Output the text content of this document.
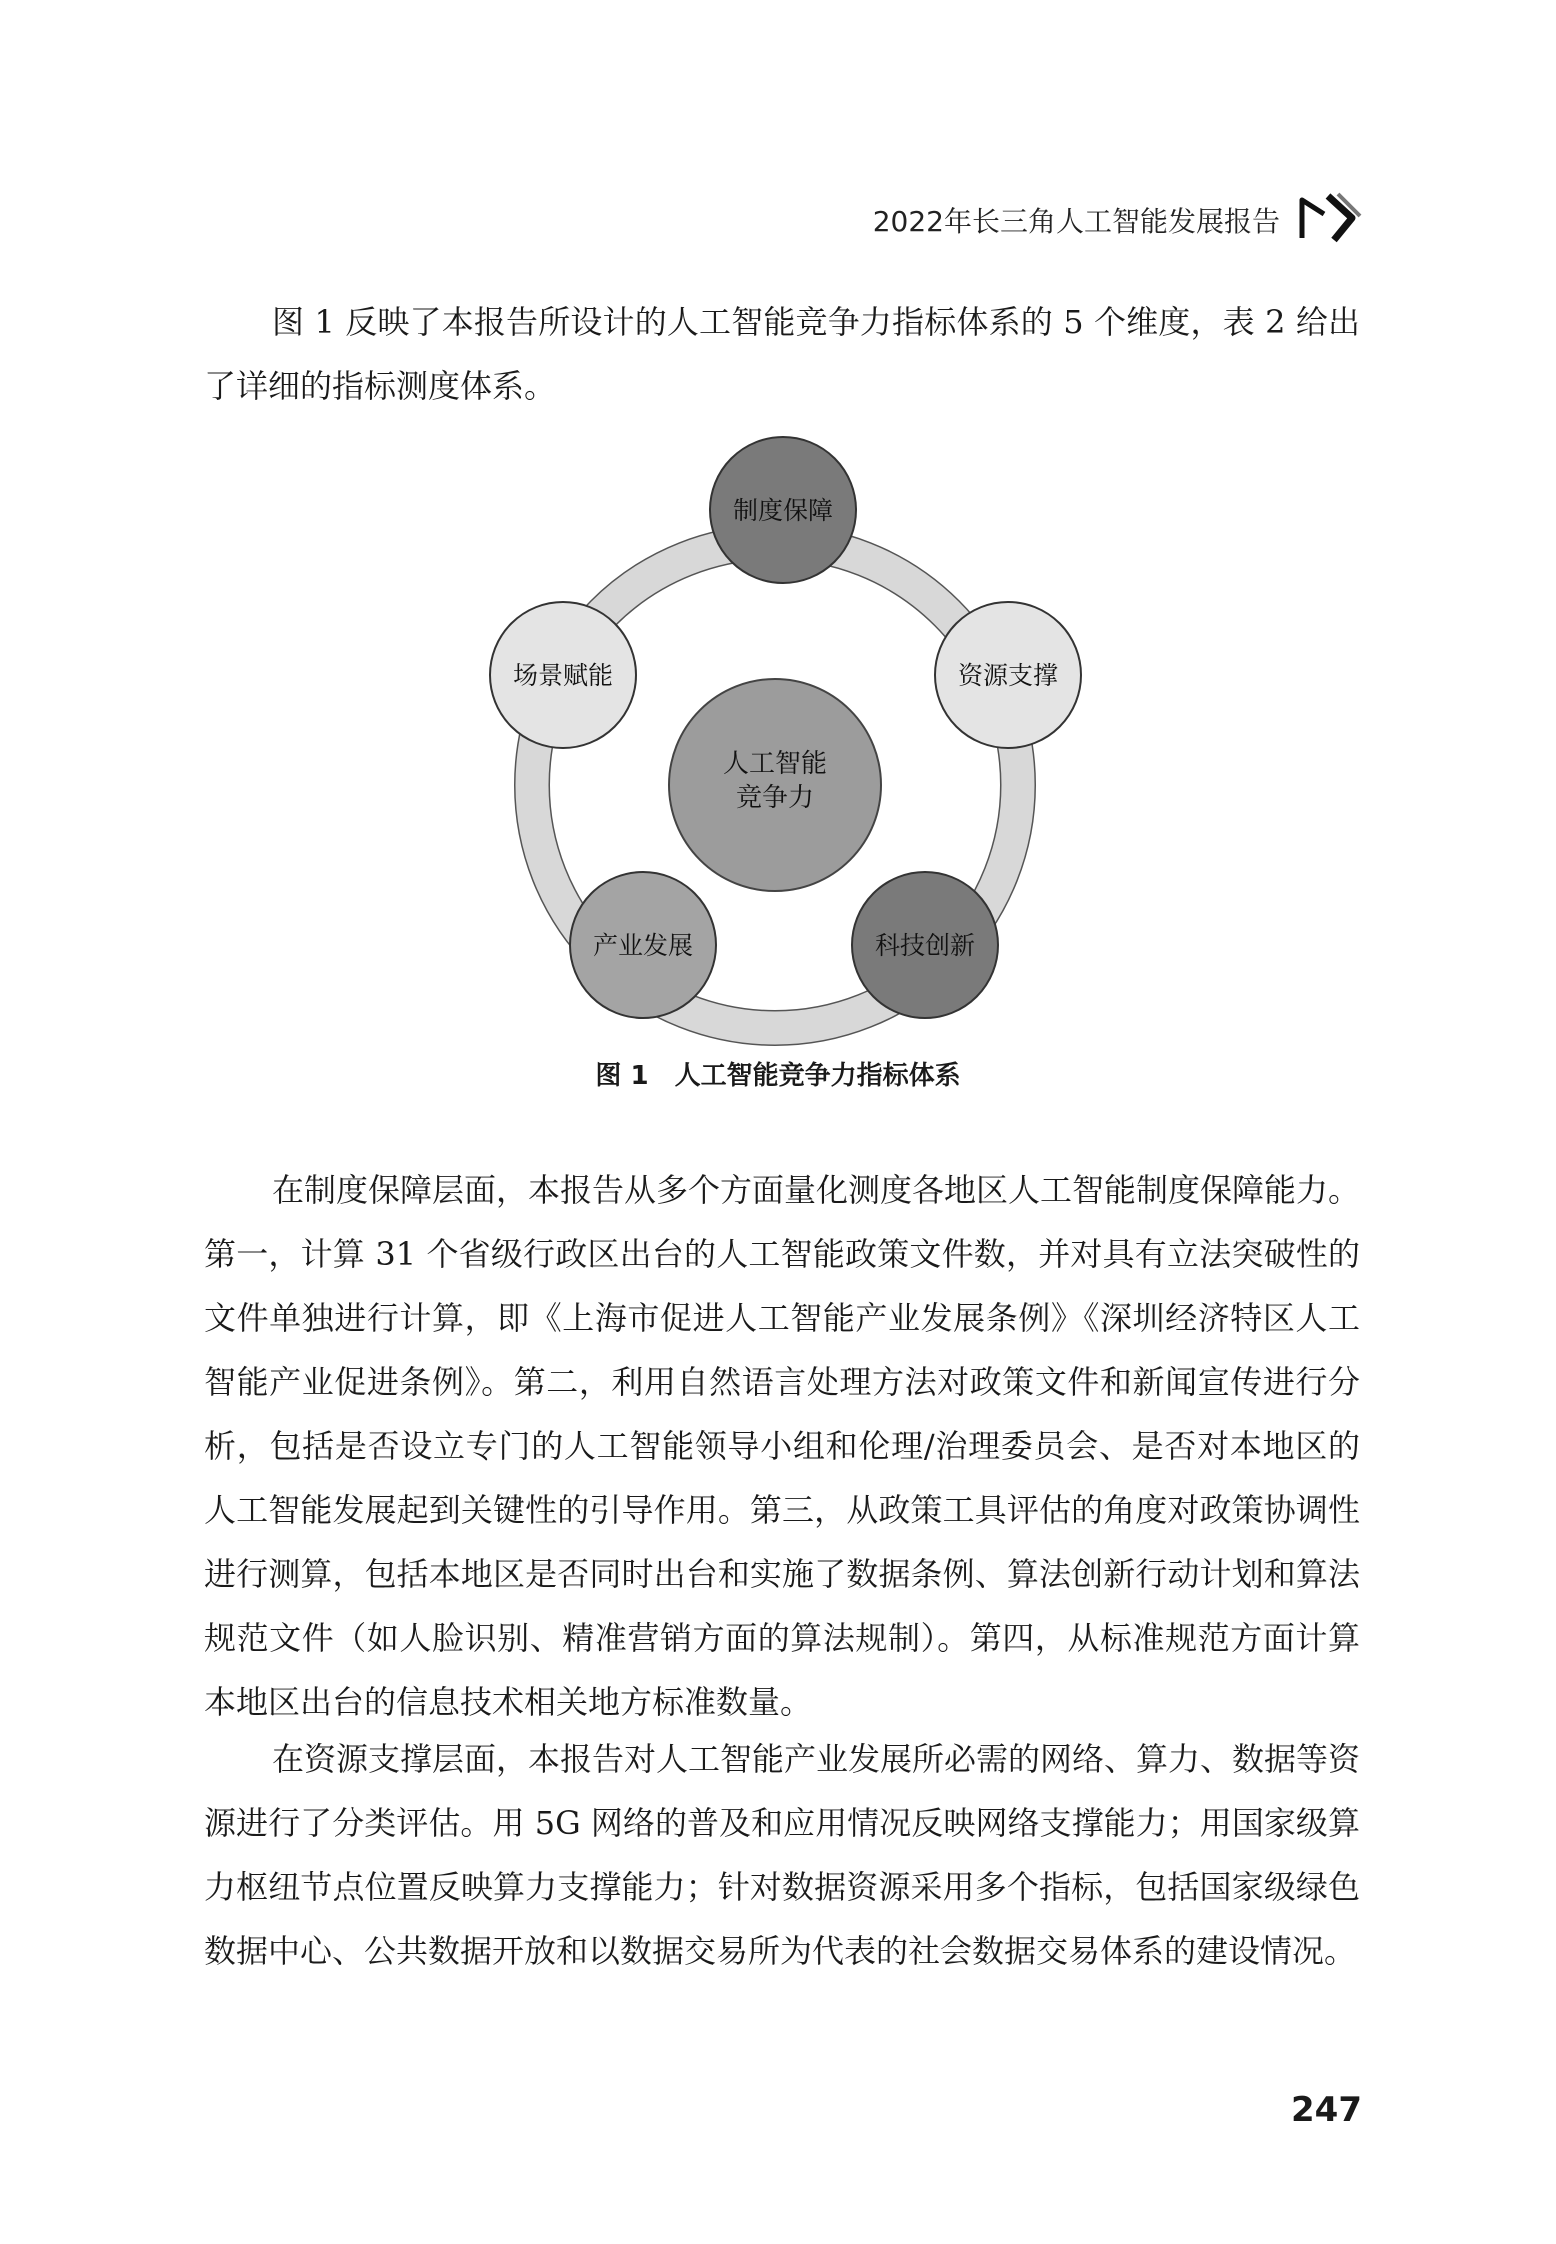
2022年长三角人工智能发展报告

图 1 反映了本报告所设计的人工智能竞争力指标体系的 5 个维度，表 2 给出了详细的指标测度体系。

人工智能
竞争力
制度保障
资源支撑
科技创新
产业发展
场景赋能
图 1 人工智能竞争力指标体系

在制度保障层面，本报告从多个方面量化测度各地区人工智能制度保障能力。第一，计算 31 个省级行政区出台的人工智能政策文件数，并对具有立法突破性的文件单独进行计算，即《上海市促进人工智能产业发展条例》《深圳经济特区人工智能产业促进条例》。第二，利用自然语言处理方法对政策文件和新闻宣传进行分析，包括是否设立专门的人工智能领导小组和伦理/治理委员会、是否对本地区的人工智能发展起到关键性的引导作用。第三，从政策工具评估的角度对政策协调性进行测算，包括本地区是否同时出台和实施了数据条例、算法创新行动计划和算法规范文件（如人脸识别、精准营销方面的算法规制）。第四，从标准规范方面计算本地区出台的信息技术相关地方标准数量。

在资源支撑层面，本报告对人工智能产业发展所必需的网络、算力、数据等资源进行了分类评估。用 5G 网络的普及和应用情况反映网络支撑能力；用国家级算力枢纽节点位置反映算力支撑能力；针对数据资源采用多个指标，包括国家级绿色数据中心、公共数据开放和以数据交易所为代表的社会数据交易体系的建设情况。

247
